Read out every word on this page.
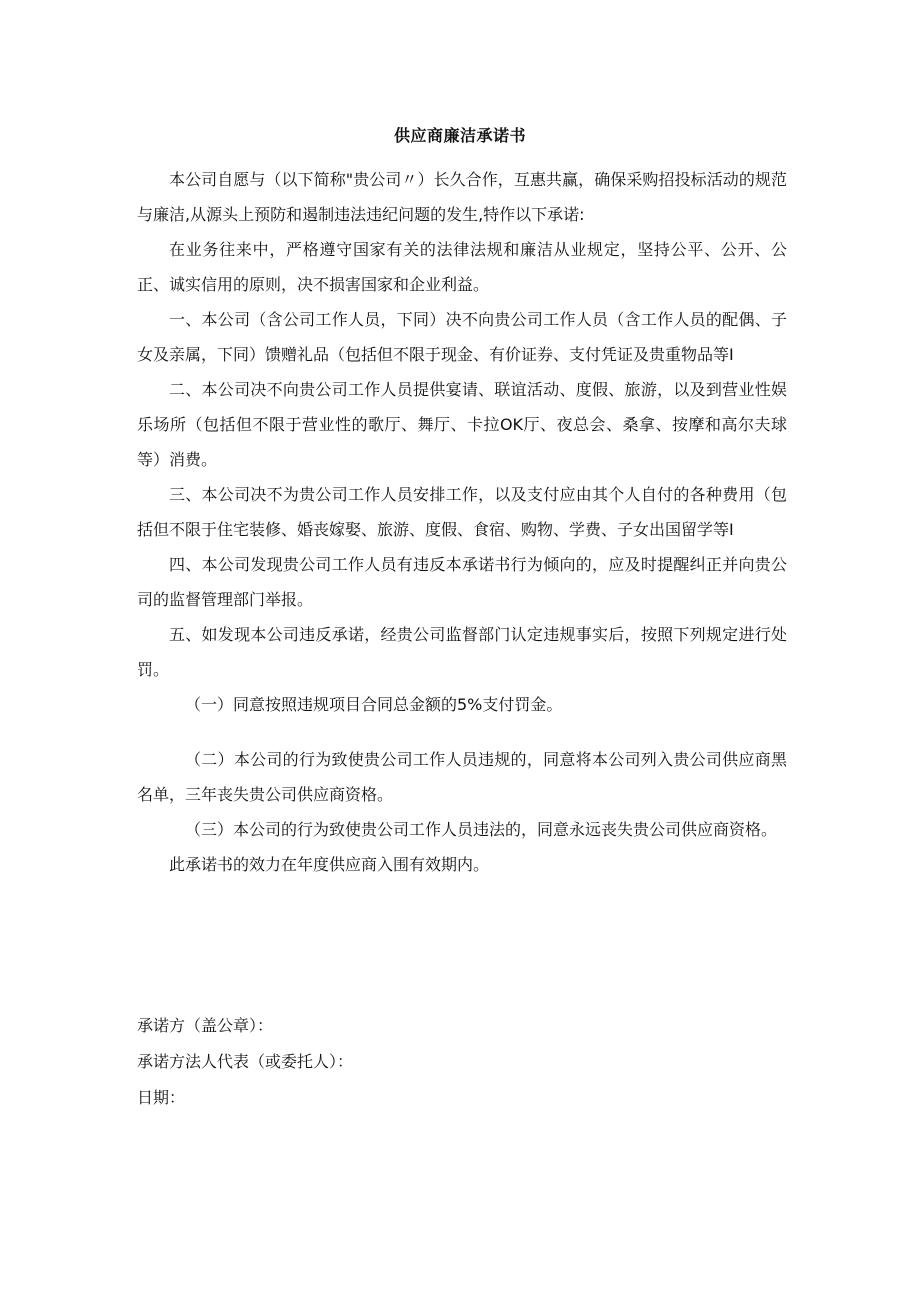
供应商廉洁承诺书

本公司自愿与（以下简称"贵公司〃）长久合作，互惠共赢，确保采购招投标活动的规范与廉洁,从源头上预防和遏制违法违纪问题的发生,特作以下承诺:

在业务往来中，严格遵守国家有关的法律法规和廉洁从业规定，坚持公平、公开、公正、诚实信用的原则，决不损害国家和企业利益。

一、本公司（含公司工作人员，下同）决不向贵公司工作人员（含工作人员的配偶、子女及亲属，下同）馈赠礼品（包括但不限于现金、有价证券、支付凭证及贵重物品等I

二、本公司决不向贵公司工作人员提供宴请、联谊活动、度假、旅游，以及到营业性娱乐场所（包括但不限于营业性的歌厅、舞厅、卡拉OK厅、夜总会、桑拿、按摩和高尔夫球等）消费。

三、本公司决不为贵公司工作人员安排工作，以及支付应由其个人自付的各种费用（包括但不限于住宅装修、婚丧嫁娶、旅游、度假、食宿、购物、学费、子女出国留学等I

四、本公司发现贵公司工作人员有违反本承诺书行为倾向的，应及时提醒纠正并向贵公司的监督管理部门举报。

五、如发现本公司违反承诺，经贵公司监督部门认定违规事实后，按照下列规定进行处罚。

（一）同意按照违规项目合同总金额的5%支付罚金。

（二）本公司的行为致使贵公司工作人员违规的，同意将本公司列入贵公司供应商黑名单，三年丧失贵公司供应商资格。

（三）本公司的行为致使贵公司工作人员违法的，同意永远丧失贵公司供应商资格。

此承诺书的效力在年度供应商入围有效期内。

承诺方（盖公章）：

承诺方法人代表（或委托人）：

日期：
